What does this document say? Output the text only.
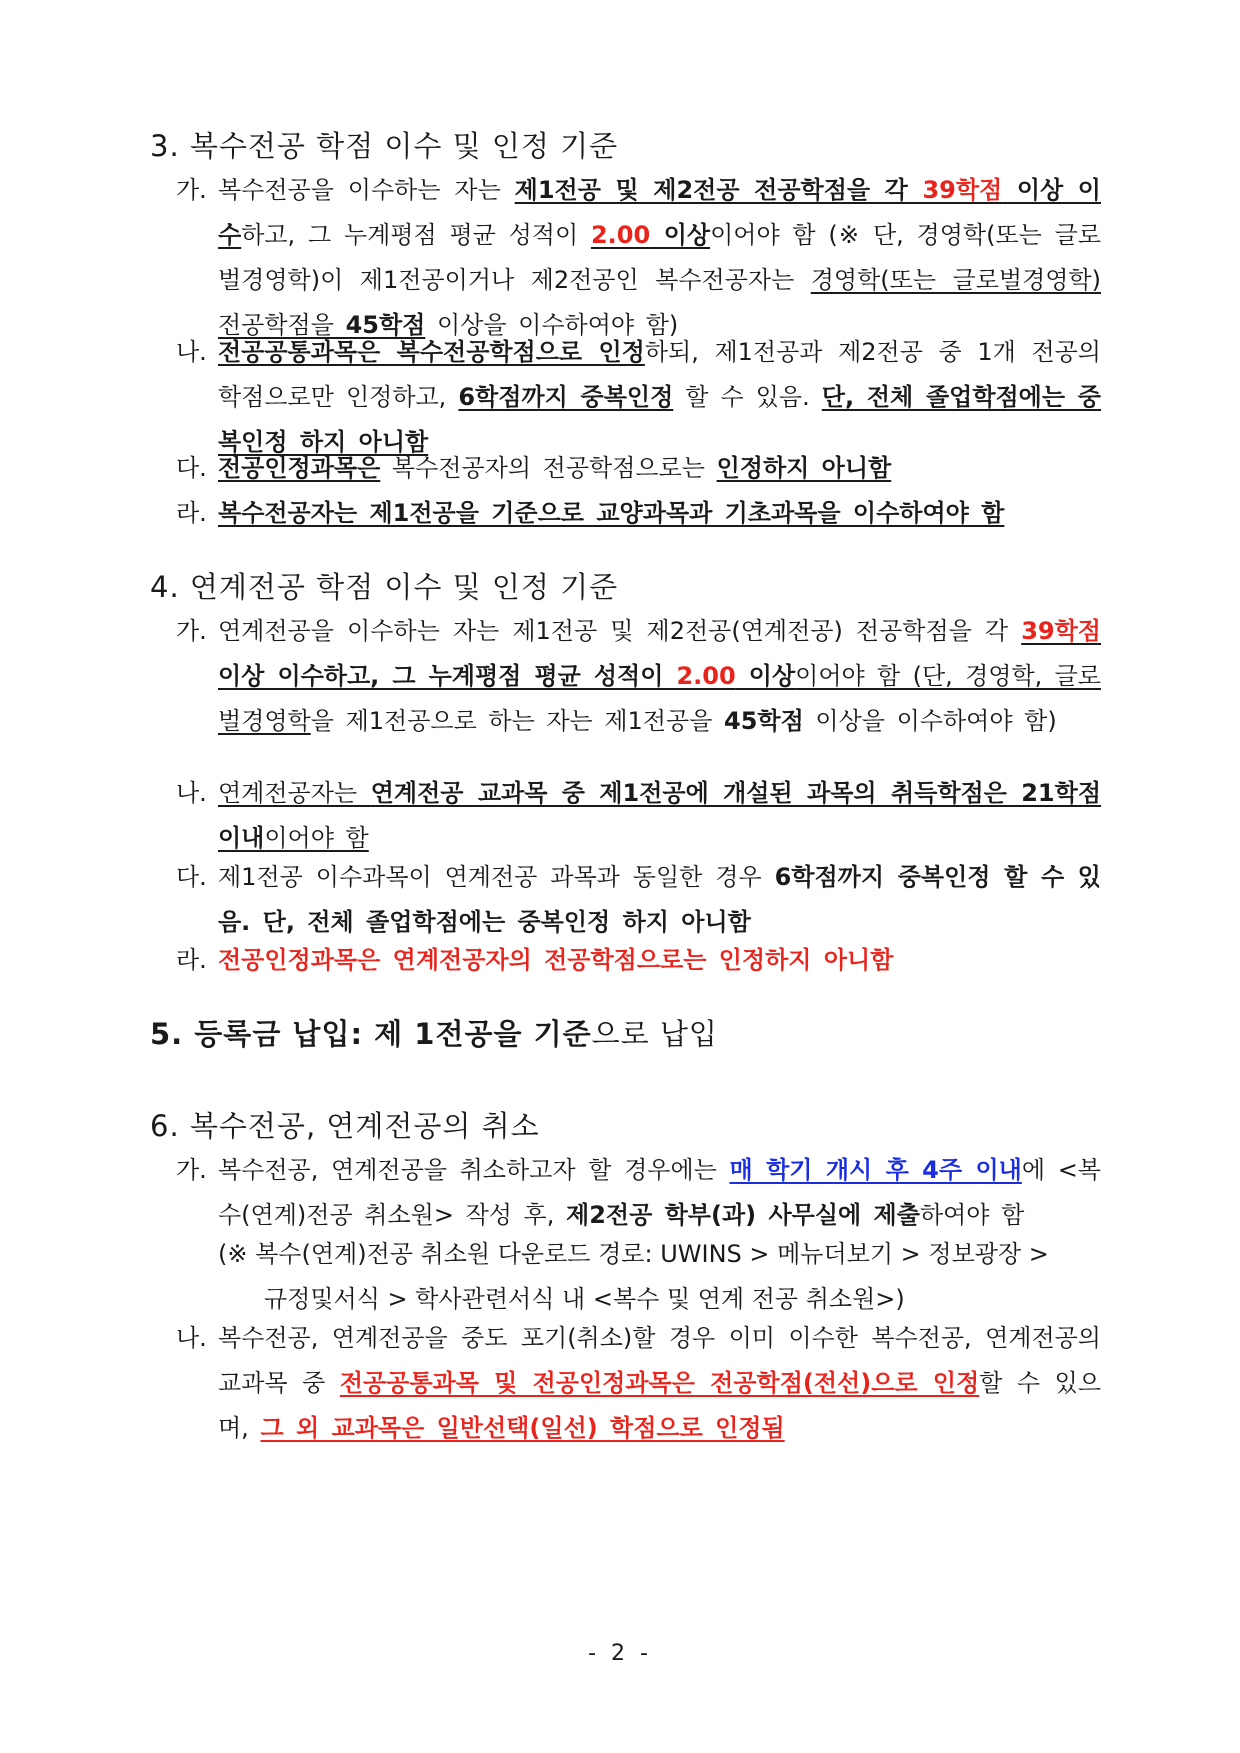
3. 복수전공 학점 이수 및 인정 기준
가. 복수전공을 이수하는 자는 제1전공 및 제2전공 전공학점을 각 39학점 이상 이수하고, 그 누계평점 평균 성적이 2.00 이상이어야 함 (※ 단, 경영학(또는 글로벌경영학)이 제1전공이거나 제2전공인 복수전공자는 경영학(또는 글로벌경영학) 전공학점을 45학점 이상을 이수하여야 함)
나. 전공공통과목은 복수전공학점으로 인정하되, 제1전공과 제2전공 중 1개 전공의 학점으로만 인정하고, 6학점까지 중복인정 할 수 있음. 단, 전체 졸업학점에는 중복인정 하지 아니함
다. 전공인정과목은 복수전공자의 전공학점으로는 인정하지 아니함
라. 복수전공자는 제1전공을 기준으로 교양과목과 기초과목을 이수하여야 함
4. 연계전공 학점 이수 및 인정 기준
가. 연계전공을 이수하는 자는 제1전공 및 제2전공(연계전공) 전공학점을 각 39학점 이상 이수하고, 그 누계평점 평균 성적이 2.00 이상이어야 함 (단, 경영학, 글로벌경영학을 제1전공으로 하는 자는 제1전공을 45학점 이상을 이수하여야 함)
나. 연계전공자는 연계전공 교과목 중 제1전공에 개설된 과목의 취득학점은 21학점 이내이어야 함
다. 제1전공 이수과목이 연계전공 과목과 동일한 경우 6학점까지 중복인정 할 수 있음. 단, 전체 졸업학점에는 중복인정 하지 아니함
라. 전공인정과목은 연계전공자의 전공학점으로는 인정하지 아니함
5. 등록금 납입: 제 1전공을 기준으로 납입
6. 복수전공, 연계전공의 취소
가. 복수전공, 연계전공을 취소하고자 할 경우에는 매 학기 개시 후 4주 이내에 <복수(연계)전공 취소원> 작성 후, 제2전공 학부(과) 사무실에 제출하여야 함
(※ 복수(연계)전공 취소원 다운로드 경로: UWINS > 메뉴더보기 > 정보광장 >
규정및서식 > 학사관련서식 내 <복수 및 연계 전공 취소원>)
나. 복수전공, 연계전공을 중도 포기(취소)할 경우 이미 이수한 복수전공, 연계전공의 교과목 중 전공공통과목 및 전공인정과목은 전공학점(전선)으로 인정할 수 있으며, 그 외 교과목은 일반선택(일선) 학점으로 인정됨
- 2 -
